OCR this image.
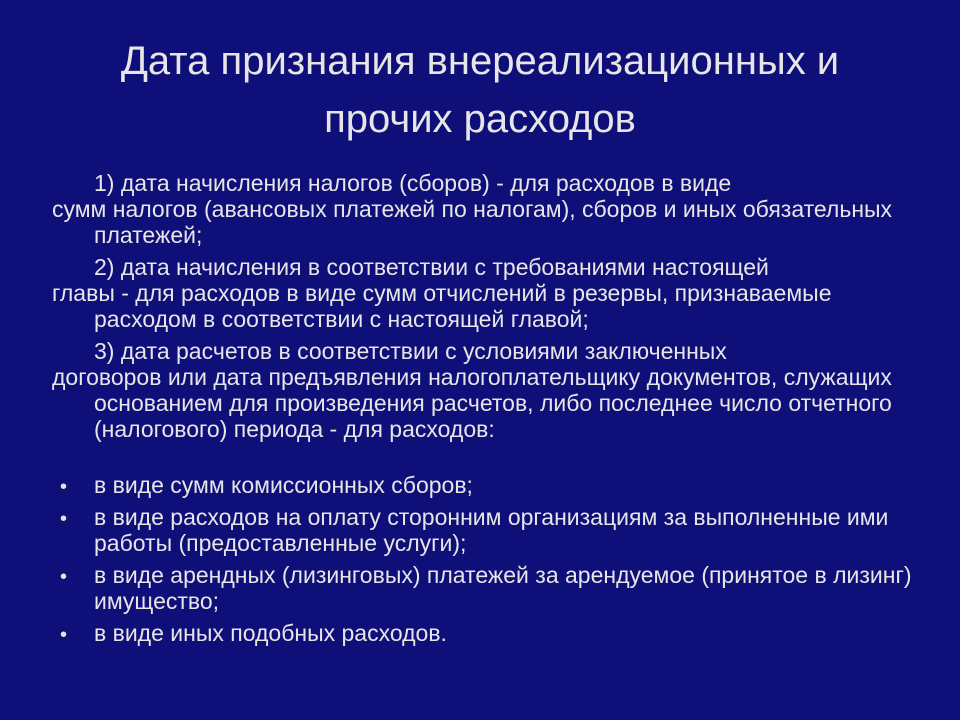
Дата признания внереализационных и
прочих расходов

1) дата начисления налогов (сборов) - для расходов в виде
сумм налогов (авансовых платежей по налогам), сборов и иных обязательных платежей;

2) дата начисления в соответствии с требованиями настоящей
главы - для расходов в виде сумм отчислений в резервы, признаваемые расходом в соответствии с настоящей главой;

3) дата расчетов в соответствии с условиями заключенных
договоров или дата предъявления налогоплательщику документов, служащих основанием для произведения расчетов, либо последнее число отчетного (налогового) периода - для расходов:

• в виде сумм комиссионных сборов;
• в виде расходов на оплату сторонним организациям за выполненные ими работы (предоставленные услуги);
• в виде арендных (лизинговых) платежей за арендуемое (принятое в лизинг) имущество;
• в виде иных подобных расходов.
